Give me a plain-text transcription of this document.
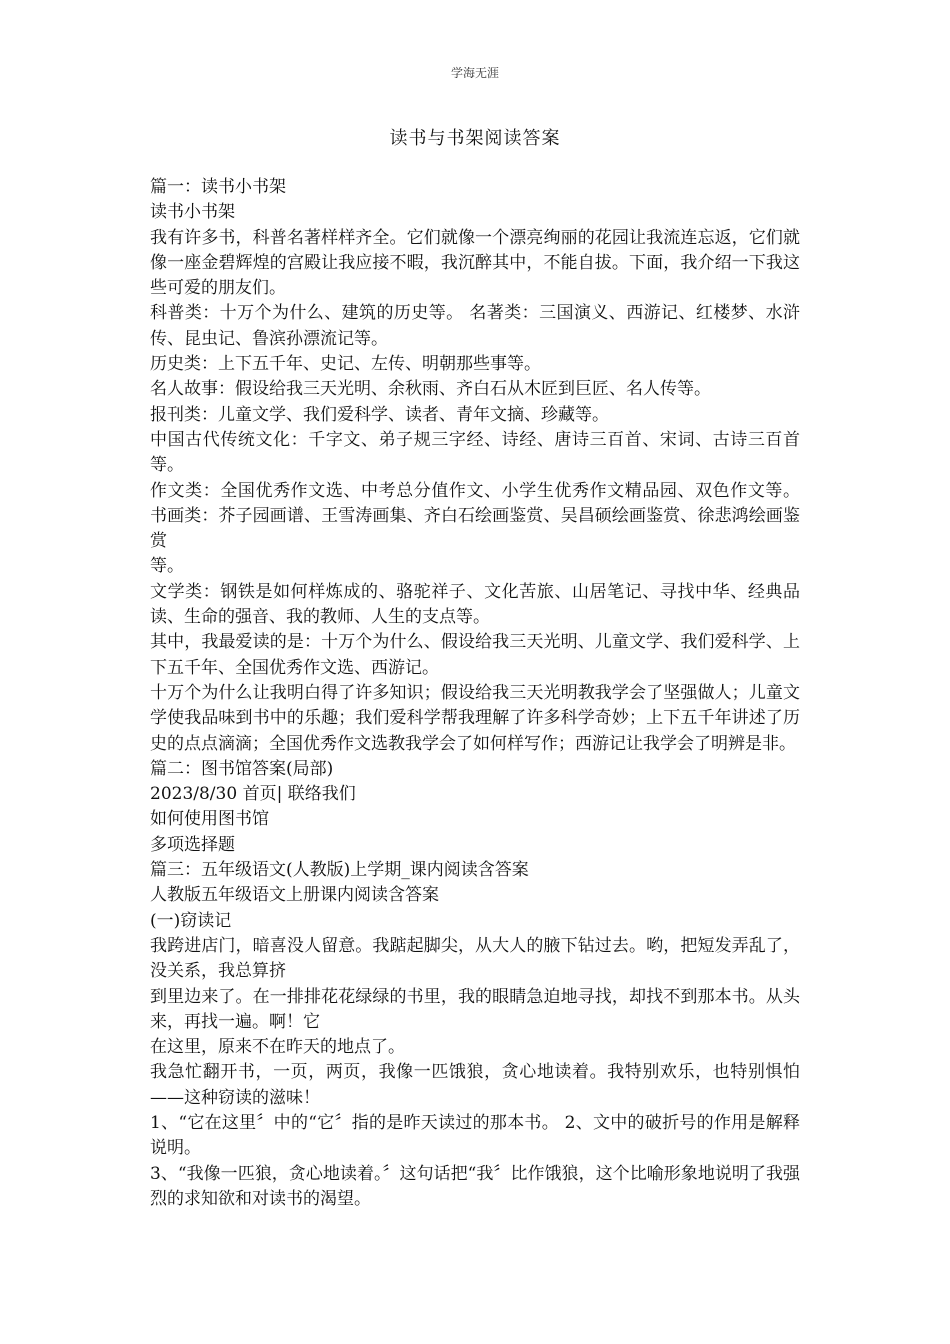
学海无涯
读书与书架阅读答案

篇一：读书小书架

读书小书架

我有许多书，科普名著样样齐全。它们就像一个漂亮绚丽的花园让我流连忘返，它们就像一座金碧辉煌的宫殿让我应接不暇，我沉醉其中，不能自拔。下面，我介绍一下我这些可爱的朋友们。

科普类：十万个为什么、建筑的历史等。 名著类：三国演义、西游记、红楼梦、水浒传、昆虫记、鲁滨孙漂流记等。

历史类：上下五千年、史记、左传、明朝那些事等。

名人故事：假设给我三天光明、余秋雨、齐白石从木匠到巨匠、名人传等。

报刊类：儿童文学、我们爱科学、读者、青年文摘、珍藏等。

中国古代传统文化：千字文、弟子规三字经、诗经、唐诗三百首、宋词、古诗三百首等。

作文类：全国优秀作文选、中考总分值作文、小学生优秀作文精品园、双色作文等。 书画类：芥子园画谱、王雪涛画集、齐白石绘画鉴赏、吴昌硕绘画鉴赏、徐悲鸿绘画鉴赏

等。

文学类：钢铁是如何样炼成的、骆驼祥子、文化苦旅、山居笔记、寻找中华、经典品读、生命的强音、我的教师、人生的支点等。

其中，我最爱读的是：十万个为什么、假设给我三天光明、儿童文学、我们爱科学、上下五千年、全国优秀作文选、西游记。

十万个为什么让我明白得了许多知识；假设给我三天光明教我学会了坚强做人；儿童文学使我品味到书中的乐趣；我们爱科学帮我理解了许多科学奇妙；上下五千年讲述了历史的点点滴滴；全国优秀作文选教我学会了如何样写作；西游记让我学会了明辨是非。

篇二：图书馆答案(局部)

2023/8/30 首页| 联络我们

如何使用图书馆

多项选择题

篇三：五年级语文(人教版)上学期_课内阅读含答案

人教版五年级语文上册课内阅读含答案

(一)窃读记

我跨进店门，暗喜没人留意。我踮起脚尖，从大人的腋下钻过去。哟，把短发弄乱了，没关系，我总算挤

到里边来了。在一排排花花绿绿的书里，我的眼睛急迫地寻找，却找不到那本书。从头来，再找一遍。啊！它

在这里，原来不在昨天的地点了。

我急忙翻开书，一页，两页，我像一匹饿狼，贪心地读着。我特别欢乐，也特别惧怕——这种窃读的滋味！

1、“它在这里〞中的“它〞指的是昨天读过的那本书。 2、文中的破折号的作用是解释说明。

3、“我像一匹狼，贪心地读着。〞这句话把“我〞比作饿狼，这个比喻形象地说明了我强烈的求知欲和对读书的渴望。
